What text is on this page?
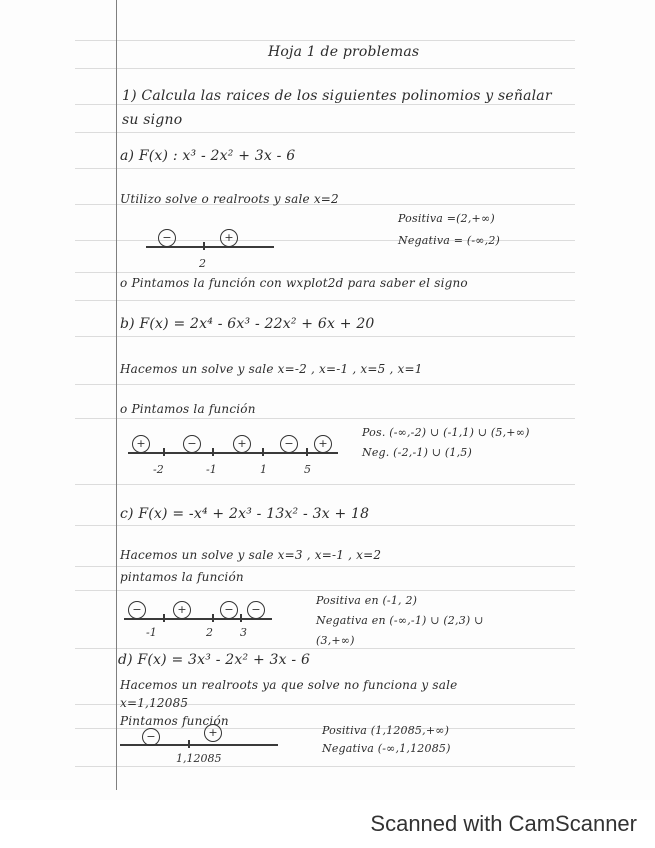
Hoja 1 de problemas
1) Calcula las raices de los siguientes polinomios y señalar
su signo
a) F(x) : x³ - 2x² + 3x - 6
Utilizo solve o realroots y sale x=2
Positiva =(2,+∞)
Negativa = (-∞,2)
−	+
2
o Pintamos la función con wxplot2d para saber el signo
b) F(x) = 2x⁴ - 6x³ - 22x² + 6x + 20
Hacemos un solve y sale x=-2 , x=-1 , x=5 , x=1
o Pintamos la función
+	−	+	−	+
-2	-1	1	5
Pos. (-∞,-2) ∪ (-1,1) ∪ (5,+∞)
Neg. (-2,-1) ∪ (1,5)
c) F(x) = -x⁴ + 2x³ - 13x² - 3x + 18
Hacemos un solve y sale x=3 , x=-1 , x=2
pintamos la función
−	+	−	−
-1	2 3
Positiva en (-1, 2)
Negativa en (-∞,-1) ∪ (2,3) ∪
(3,+∞)
d) F(x) = 3x³ - 2x² + 3x - 6
Hacemos un realroots ya que solve no funciona y sale
x=1,12085
Pintamos función
−	+
1,12085
Positiva (1,12085,+∞)
Negativa (-∞,1,12085)
Scanned with CamScanner
